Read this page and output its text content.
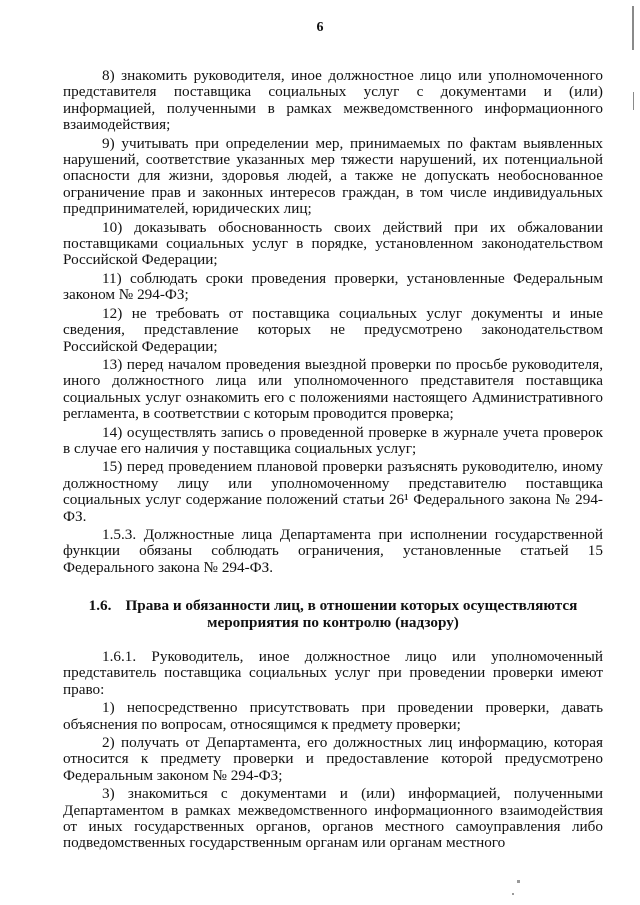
6

8) знакомить руководителя, иное должностное лицо или уполномоченного представителя поставщика социальных услуг с документами и (или) информацией, полученными в рамках межведомственного информационного взаимодействия;

9) учитывать при определении мер, принимаемых по фактам выявленных нарушений, соответствие указанных мер тяжести нарушений, их потенциальной опасности для жизни, здоровья людей, а также не допускать необоснованное ограничение прав и законных интересов граждан, в том числе индивидуальных предпринимателей, юридических лиц;

10) доказывать обоснованность своих действий при их обжаловании поставщиками социальных услуг в порядке, установленном законодательством Российской Федерации;

11) соблюдать сроки проведения проверки, установленные Федеральным законом № 294-ФЗ;

12) не требовать от поставщика социальных услуг документы и иные сведения, представление которых не предусмотрено законодательством Российской Федерации;

13) перед началом проведения выездной проверки по просьбе руководителя, иного должностного лица или уполномоченного представителя поставщика социальных услуг ознакомить его с положениями настоящего Административного регламента, в соответствии с которым проводится проверка;

14) осуществлять запись о проведенной проверке в журнале учета проверок в случае его наличия у поставщика социальных услуг;

15) перед проведением плановой проверки разъяснять руководителю, иному должностному лицу или уполномоченному представителю поставщика социальных услуг содержание положений статьи 26¹ Федерального закона № 294-ФЗ.

1.5.3. Должностные лица Департамента при исполнении государственной функции обязаны соблюдать ограничения, установленные статьей 15 Федерального закона № 294-ФЗ.

1.6. Права и обязанности лиц, в отношении которых осуществляются мероприятия по контролю (надзору)

1.6.1. Руководитель, иное должностное лицо или уполномоченный представитель поставщика социальных услуг при проведении проверки имеют право:

1) непосредственно присутствовать при проведении проверки, давать объяснения по вопросам, относящимся к предмету проверки;

2) получать от Департамента, его должностных лиц информацию, которая относится к предмету проверки и предоставление которой предусмотрено Федеральным законом № 294-ФЗ;

3) знакомиться с документами и (или) информацией, полученными Департаментом в рамках межведомственного информационного взаимодействия от иных государственных органов, органов местного самоуправления либо подведомственных государственным органам или органам местного
